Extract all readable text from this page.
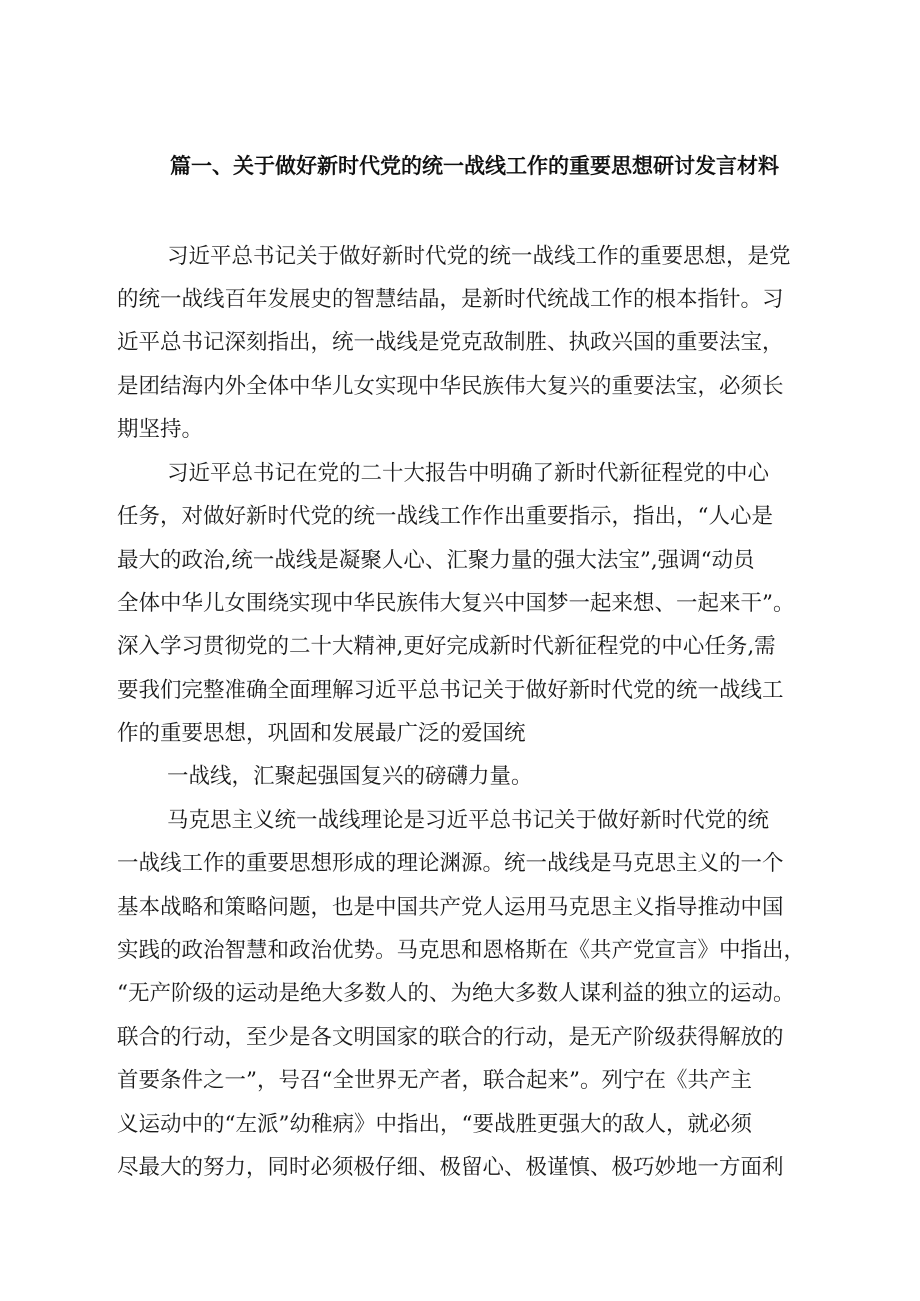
篇一、关于做好新时代党的统一战线工作的重要思想研讨发言材料
习近平总书记关于做好新时代党的统一战线工作的重要思想，是党
的统一战线百年发展史的智慧结晶，是新时代统战工作的根本指针。习
近平总书记深刻指出，统一战线是党克敌制胜、执政兴国的重要法宝，
是团结海内外全体中华儿女实现中华民族伟大复兴的重要法宝，必须长
期坚持。
习近平总书记在党的二十大报告中明确了新时代新征程党的中心
任务，对做好新时代党的统一战线工作作出重要指示，指出，“人心是
最大的政治,统一战线是凝聚人心、汇聚力量的强大法宝”,强调“动员
全体中华儿女围绕实现中华民族伟大复兴中国梦一起来想、一起来干”。
深入学习贯彻党的二十大精神,更好完成新时代新征程党的中心任务,需
要我们完整准确全面理解习近平总书记关于做好新时代党的统一战线工
作的重要思想，巩固和发展最广泛的爱国统
一战线，汇聚起强国复兴的磅礴力量。
马克思主义统一战线理论是习近平总书记关于做好新时代党的统
一战线工作的重要思想形成的理论渊源。统一战线是马克思主义的一个
基本战略和策略问题，也是中国共产党人运用马克思主义指导推动中国
实践的政治智慧和政治优势。马克思和恩格斯在《共产党宣言》中指出，
“无产阶级的运动是绝大多数人的、为绝大多数人谋利益的独立的运动。
联合的行动，至少是各文明国家的联合的行动，是无产阶级获得解放的
首要条件之一”，号召“全世界无产者，联合起来”。列宁在《共产主
义运动中的“左派”幼稚病》中指出，“要战胜更强大的敌人，就必须
尽最大的努力，同时必须极仔细、极留心、极谨慎、极巧妙地一方面利
